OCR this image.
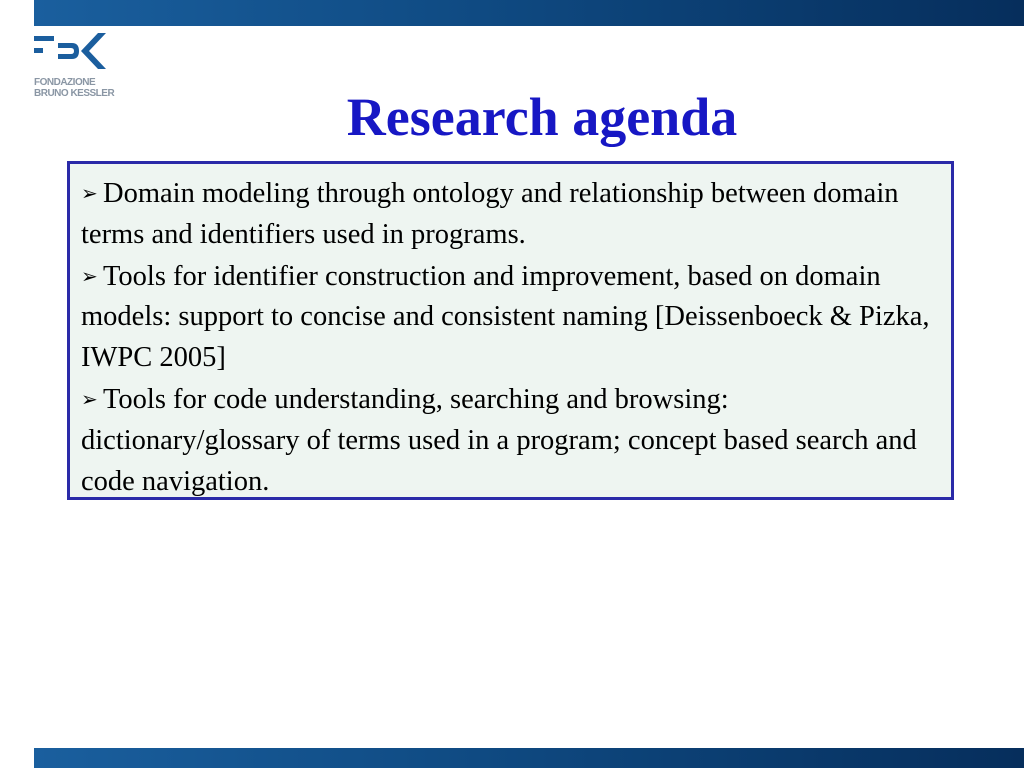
FONDAZIONE
BRUNO KESSLER	Research agenda
➢ Domain modeling through ontology and relationship between domain terms and identifiers used in programs.
➢ Tools for identifier construction and improvement, based on domain models: support to concise and consistent naming [Deissenboeck & Pizka, IWPC 2005]
➢ Tools for code understanding, searching and browsing: dictionary/glossary of terms used in a program; concept based search and code navigation.
